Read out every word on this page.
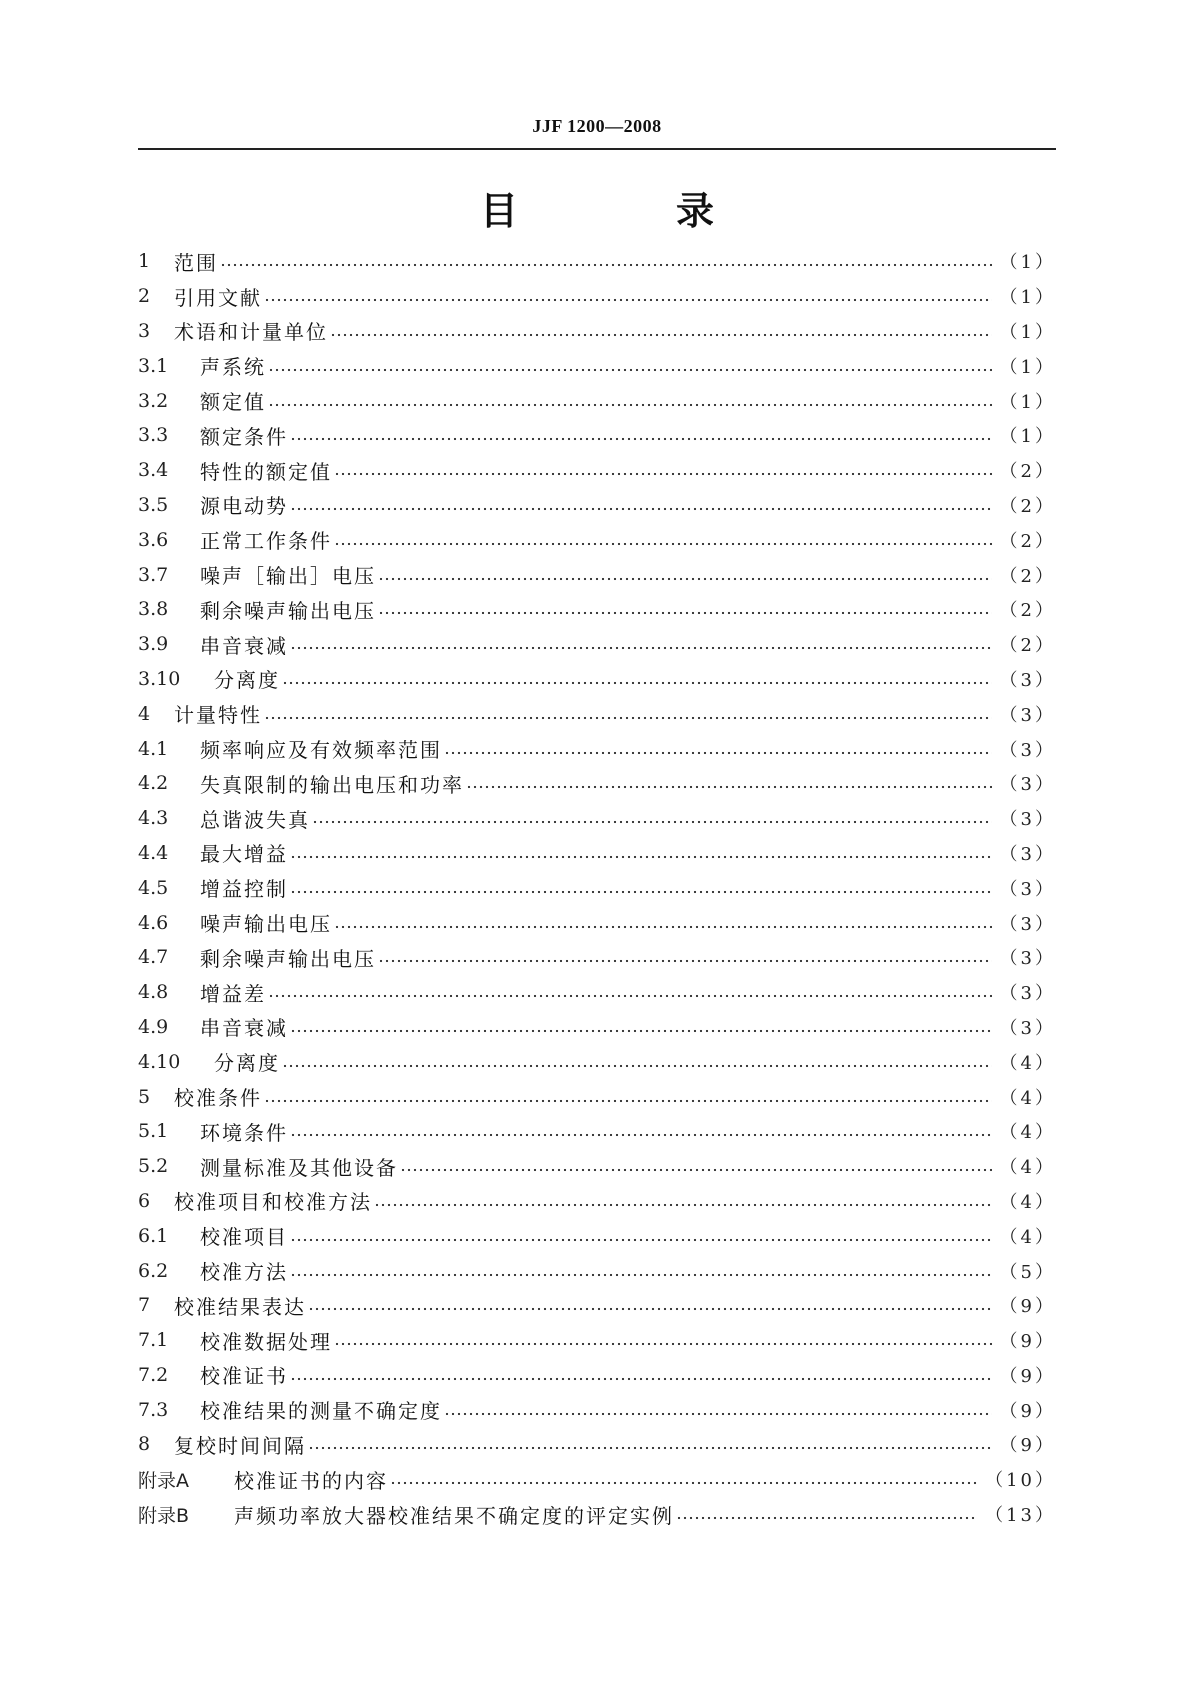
JJF 1200—2008
目　录
1	范围	（1）
2	引用文献	（1）
3	术语和计量单位	（1）
3.1	声系统	（1）
3.2	额定值	（1）
3.3	额定条件	（1）
3.4	特性的额定值	（2）
3.5	源电动势	（2）
3.6	正常工作条件	（2）
3.7	噪声［输出］电压	（2）
3.8	剩余噪声输出电压	（2）
3.9	串音衰减	（2）
3.10	分离度	（3）
4	计量特性	（3）
4.1	频率响应及有效频率范围	（3）
4.2	失真限制的输出电压和功率	（3）
4.3	总谐波失真	（3）
4.4	最大增益	（3）
4.5	增益控制	（3）
4.6	噪声输出电压	（3）
4.7	剩余噪声输出电压	（3）
4.8	增益差	（3）
4.9	串音衰减	（3）
4.10	分离度	（4）
5	校准条件	（4）
5.1	环境条件	（4）
5.2	测量标准及其他设备	（4）
6	校准项目和校准方法	（4）
6.1	校准项目	（4）
6.2	校准方法	（5）
7	校准结果表达	（9）
7.1	校准数据处理	（9）
7.2	校准证书	（9）
7.3	校准结果的测量不确定度	（9）
8	复校时间间隔	（9）
附录A	校准证书的内容	（10）
附录B	声频功率放大器校准结果不确定度的评定实例	（13）
